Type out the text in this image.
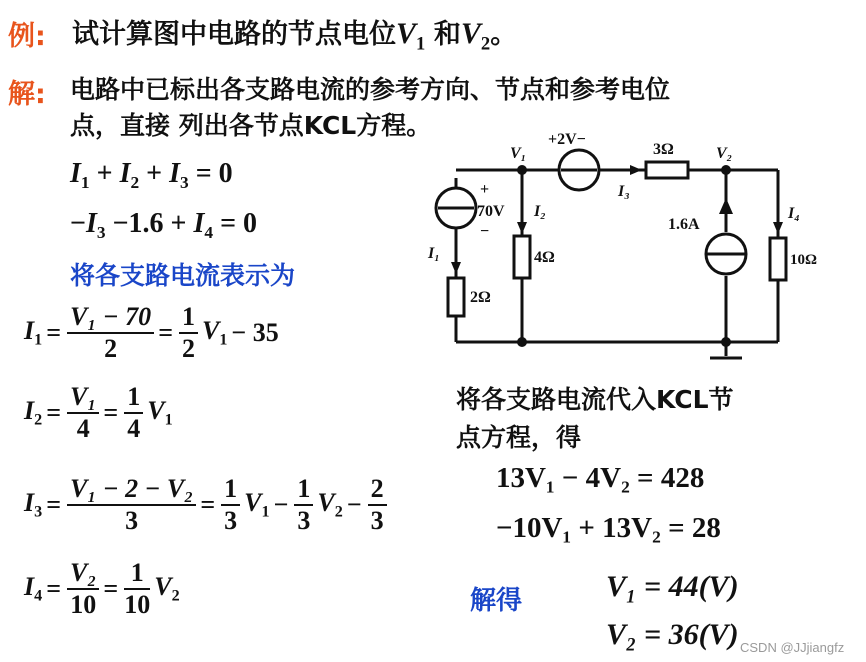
例: 试计算图中电路的节点电位$V_1$ 和$V_2$。
解: 电路中已标出各支路电流的参考方向、节点和参考电位
点，直接 列出各节点KCL方程。
$I_1 + I_2 + I_3 = 0$
$-I_3 -1.6 + I_4 = 0$
将各支路电流表示为
$I_1 = \frac{\text{V₁ − 70}}{2} = \frac{1}{2} V_1 - 35$
$I_2 = \frac{\text{V₁}}{4} = \frac{1}{4} V_1$
$I_3 = \frac{\text{V₁ − 2 − V₂}}{3} = \frac{1}{3} V_1 - \frac{1}{3} V_2 - \frac{2}{3}$
$I_4 = \frac{\text{V₂}}{10} = \frac{1}{10} V_2$
V₁	V₂
+2V−
3Ω
+
70V
−
I₁
I₂
I₃
I₄
4Ω
2Ω
10Ω
1.6A
将各支路电流代入KCL节
点方程，得
13V₁ − 4V₂ = 428
−10V₁ + 13V₂ = 28
解得	V₁ = 44(V)
V₂ = 36(V) CSDN @JJjiangfz
